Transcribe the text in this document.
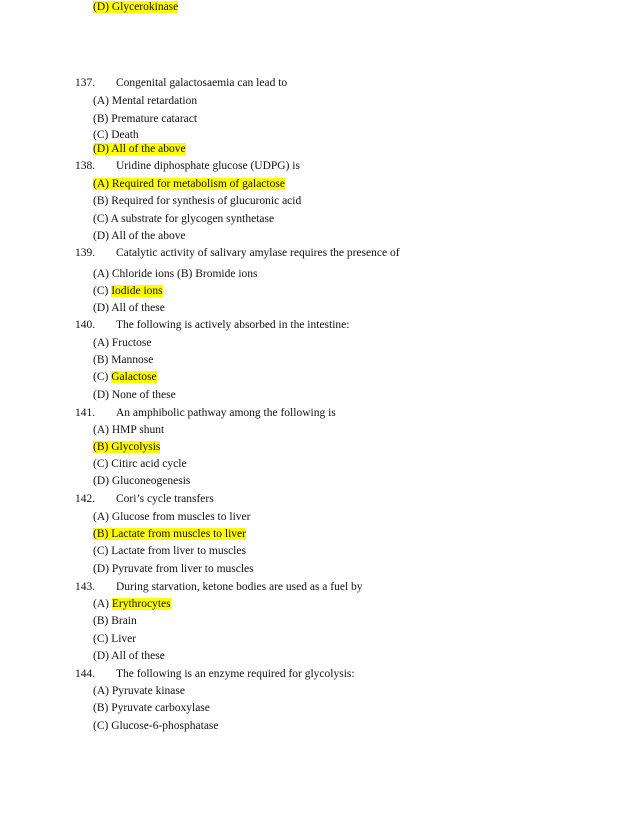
137. Congenital galactosaemia can lead to
(A) Mental retardation
(B) Premature cataract
(C) Death
(D) All of the above
138. Uridine diphosphate glucose (UDPG) is
(A) Required for metabolism of galactose
(B) Required for synthesis of glucuronic acid
(C) A substrate for glycogen synthetase
(D) All of the above
139. Catalytic activity of salivary amylase requires the presence of
(A) Chloride ions (B) Bromide ions
(C) Iodide ions
(D) All of these
140. The following is actively absorbed in the intestine:
(A) Fructose
(B) Mannose
(C) Galactose
(D) None of these
141. An amphibolic pathway among the following is
(A) HMP shunt
(B) Glycolysis
(C) Citirc acid cycle
(D) Gluconeogenesis
142. Cori’s cycle transfers
(A) Glucose from muscles to liver
(B) Lactate from muscles to liver
(C) Lactate from liver to muscles
(D) Pyruvate from liver to muscles
143. During starvation, ketone bodies are used as a fuel by
(A) Erythrocytes
(B) Brain
(C) Liver
(D) All of these
144. The following is an enzyme required for glycolysis:
(A) Pyruvate kinase
(B) Pyruvate carboxylase
(C) Glucose-6-phosphatase
(D) Glycerokinase
